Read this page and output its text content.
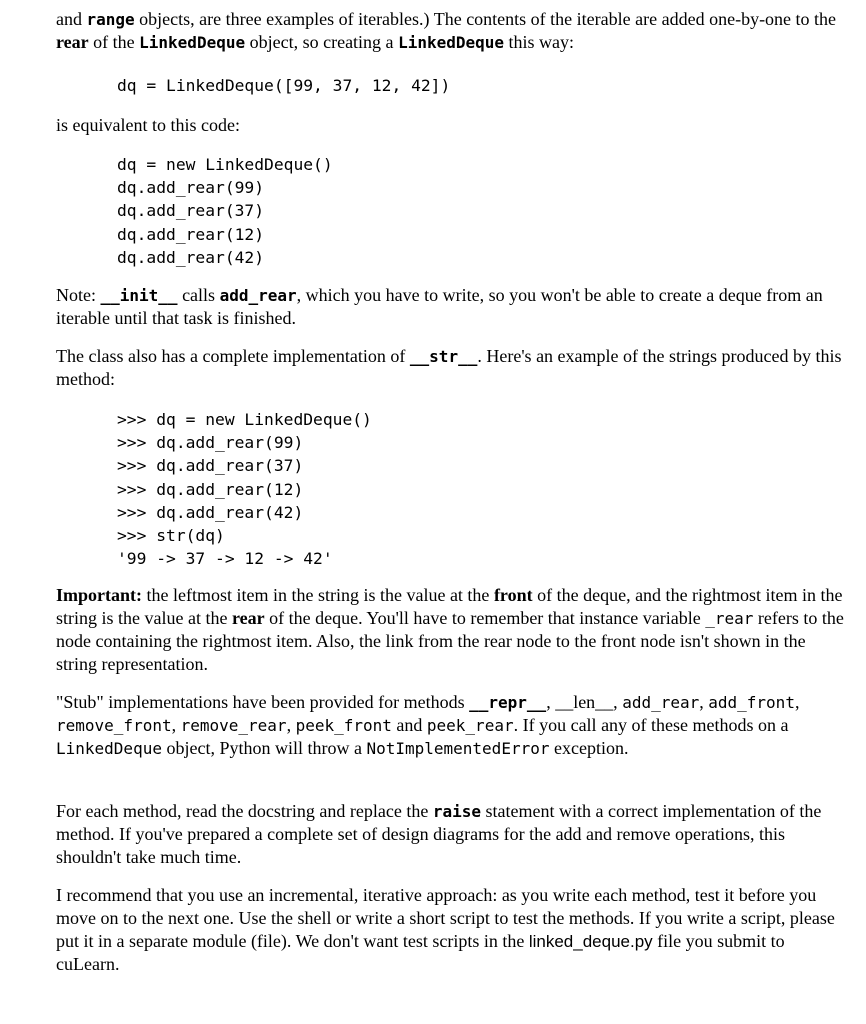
and range objects, are three examples of iterables.) The contents of the iterable are added one-by-one to the rear of the LinkedDeque object, so creating a LinkedDeque this way:

dq = LinkedDeque([99, 37, 12, 42])

is equivalent to this code:

dq = new LinkedDeque()
dq.add_rear(99)
dq.add_rear(37)
dq.add_rear(12)
dq.add_rear(42)

Note: __init__ calls add_rear, which you have to write, so you won't be able to create a deque from an iterable until that task is finished.

The class also has a complete implementation of __str__. Here's an example of the strings produced by this method:

>>> dq = new LinkedDeque()
>>> dq.add_rear(99)
>>> dq.add_rear(37)
>>> dq.add_rear(12)
>>> dq.add_rear(42)
>>> str(dq)
'99 -> 37 -> 12 -> 42'

Important: the leftmost item in the string is the value at the front of the deque, and the rightmost item in the string is the value at the rear of the deque. You'll have to remember that instance variable _rear refers to the node containing the rightmost item. Also, the link from the rear node to the front node isn't shown in the string representation.

"Stub" implementations have been provided for methods __repr__, __len__, add_rear, add_front, remove_front, remove_rear, peek_front and peek_rear. If you call any of these methods on a LinkedDeque object, Python will throw a NotImplementedError exception.

For each method, read the docstring and replace the raise statement with a correct implementation of the method. If you've prepared a complete set of design diagrams for the add and remove operations, this shouldn't take much time.

I recommend that you use an incremental, iterative approach: as you write each method, test it before you move on to the next one. Use the shell or write a short script to test the methods. If you write a script, please put it in a separate module (file). We don't want test scripts in the linked_deque.py file you submit to cuLearn.
